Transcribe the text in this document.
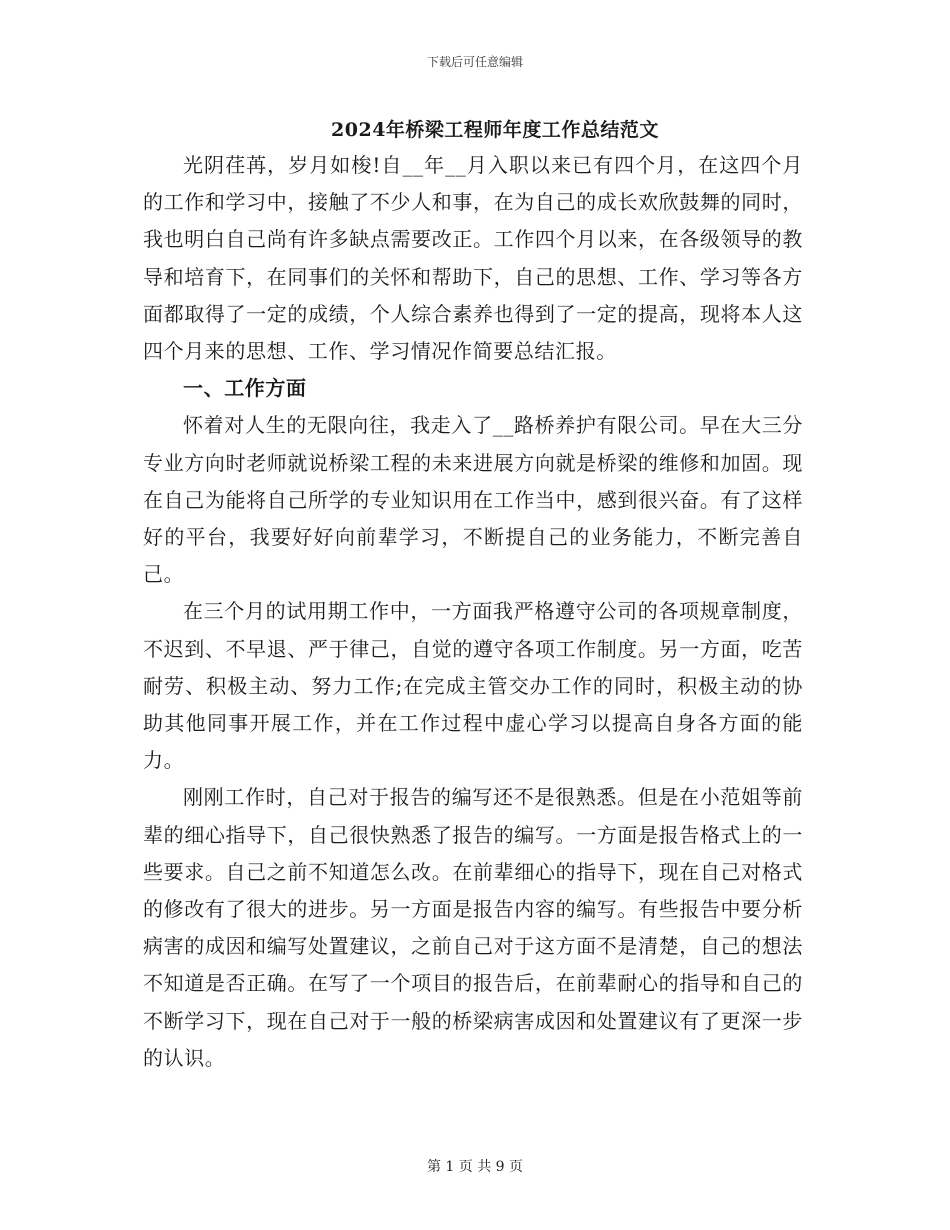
下载后可任意编辑
2024年桥梁工程师年度工作总结范文

光阴荏苒，岁月如梭!自__年__月入职以来已有四个月，在这四个月的工作和学习中，接触了不少人和事，在为自己的成长欢欣鼓舞的同时，我也明白自己尚有许多缺点需要改正。工作四个月以来，在各级领导的教导和培育下，在同事们的关怀和帮助下，自己的思想、工作、学习等各方面都取得了一定的成绩，个人综合素养也得到了一定的提高，现将本人这四个月来的思想、工作、学习情况作简要总结汇报。

一、工作方面

怀着对人生的无限向往，我走入了__路桥养护有限公司。早在大三分专业方向时老师就说桥梁工程的未来进展方向就是桥梁的维修和加固。现在自己为能将自己所学的专业知识用在工作当中，感到很兴奋。有了这样好的平台，我要好好向前辈学习，不断提自己的业务能力，不断完善自己。

在三个月的试用期工作中，一方面我严格遵守公司的各项规章制度，不迟到、不早退、严于律己，自觉的遵守各项工作制度。另一方面，吃苦耐劳、积极主动、努力工作;在完成主管交办工作的同时，积极主动的协助其他同事开展工作，并在工作过程中虚心学习以提高自身各方面的能力。

刚刚工作时，自己对于报告的编写还不是很熟悉。但是在小范姐等前辈的细心指导下，自己很快熟悉了报告的编写。一方面是报告格式上的一些要求。自己之前不知道怎么改。在前辈细心的指导下，现在自己对格式的修改有了很大的进步。另一方面是报告内容的编写。有些报告中要分析病害的成因和编写处置建议，之前自己对于这方面不是清楚，自己的想法不知道是否正确。在写了一个项目的报告后，在前辈耐心的指导和自己的不断学习下，现在自己对于一般的桥梁病害成因和处置建议有了更深一步的认识。

第 1 页 共 9 页
